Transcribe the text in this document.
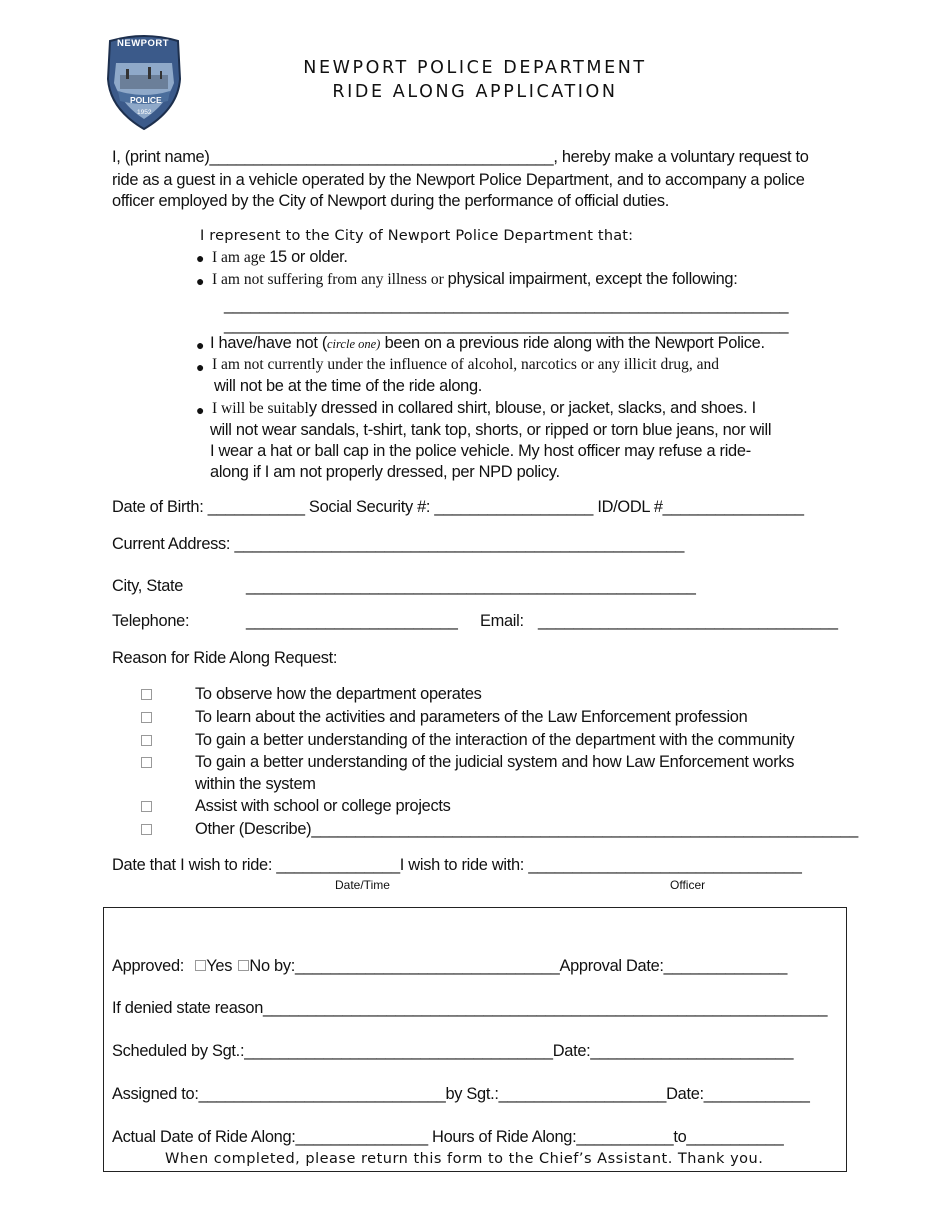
NEWPORT
POLICE
1952
NEWPORT POLICE DEPARTMENT
RIDE ALONG APPLICATION
I, (print name)_______________________________________, hereby make a voluntary request to
ride as a guest in a vehicle operated by the Newport Police Department, and to accompany a police
officer employed by the City of Newport during the performance of official duties.
I represent to the City of Newport Police Department that:
● I am age 15 or older.
● I am not suffering from any illness or physical impairment, except the following:
________________________________________________________________
________________________________________________________________
● I have/have not (circle one) been on a previous ride along with the Newport Police.
● I am not currently under the influence of alcohol, narcotics or any illicit drug, and
will not be at the time of the ride along.
● I will be suitably dressed in collared shirt, blouse, or jacket, slacks, and shoes. I
will not wear sandals, t-shirt, tank top, shorts, or ripped or torn blue jeans, nor will
I wear a hat or ball cap in the police vehicle. My host officer may refuse a ride-
along if I am not properly dressed, per NPD policy.
Date of Birth: ___________ Social Security #: __________________ ID/ODL #________________
Current Address: ___________________________________________________
City, State	___________________________________________________
Telephone:	________________________ Email: __________________________________
Reason for Ride Along Request:
To observe how the department operates
To learn about the activities and parameters of the Law Enforcement profession
To gain a better understanding of the interaction of the department with the community
To gain a better understanding of the judicial system and how Law Enforcement works
within the system
Assist with school or college projects
Other (Describe)______________________________________________________________
Date that I wish to ride: ______________I wish to ride with: _______________________________
Date/Time	Officer
Approved: Yes No by:______________________________Approval Date:______________
If denied state reason________________________________________________________________
Scheduled by Sgt.:___________________________________Date:_______________________
Assigned to:____________________________by Sgt.:___________________Date:____________
Actual Date of Ride Along:_______________ Hours of Ride Along:___________to___________
When completed, please return this form to the Chief’s Assistant. Thank you.
